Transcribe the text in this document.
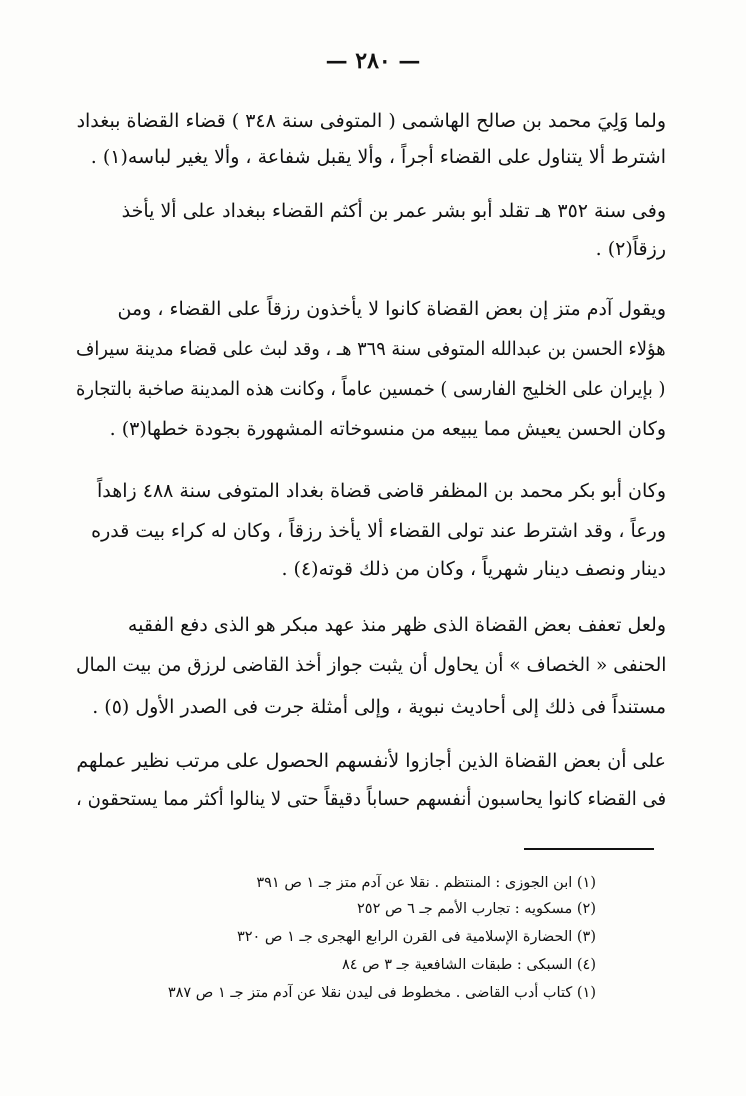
— ٢٨٠ —
ولما وَلِيَ محمد بن صالح الهاشمى ( المتوفى سنة ٣٤٨ ) قضاء القضاة ببغداد
اشترط ألا يتناول على القضاء أجراً ، وألا يقبل شفاعة ، وألا يغير لباسه(١) .
وفى سنة ٣٥٢ هـ تقلد أبو بشر عمر بن أكثم القضاء ببغداد على ألا يأخذ
رزقاً(٢) .
ويقول آدم متز إن بعض القضاة كانوا لا يأخذون رزقاً على القضاء ، ومن
هؤلاء الحسن بن عبدالله المتوفى سنة ٣٦٩ هـ ، وقد لبث على قضاء مدينة سيراف
( بإيران على الخليج الفارسى ) خمسين عاماً ، وكانت هذه المدينة صاخبة بالتجارة
وكان الحسن يعيش مما يبيعه من منسوخاته المشهورة بجودة خطها(٣) .
وكان أبو بكر محمد بن المظفر قاضى قضاة بغداد المتوفى سنة ٤٨٨ زاهداً
ورعاً ، وقد اشترط عند تولى القضاء ألا يأخذ رزقاً ، وكان له كراء بيت قدره
دينار ونصف دينار شهرياً ، وكان من ذلك قوته(٤) .
ولعل تعفف بعض القضاة الذى ظهر منذ عهد مبكر هو الذى دفع الفقيه
الحنفى « الخصاف » أن يحاول أن يثبت جواز أخذ القاضى لرزق من بيت المال
مستنداً فى ذلك إلى أحاديث نبوية ، وإلى أمثلة جرت فى الصدر الأول (٥) .
على أن بعض القضاة الذين أجازوا لأنفسهم الحصول على مرتب نظير عملهم
فى القضاء كانوا يحاسبون أنفسهم حساباً دقيقاً حتى لا ينالوا أكثر مما يستحقون ،
(١) ابن الجوزى : المنتظم . نقلا عن آدم متز جـ ١ ص ٣٩١
(٢) مسكويه : تجارب الأمم جـ ٦ ص ٢٥٢
(٣) الحضارة الإسلامية فى القرن الرابع الهجرى جـ ١ ص ٣٢٠
(٤) السبكى : طبقات الشافعية جـ ٣ ص ٨٤
(١) كتاب أدب القاضى . مخطوط فى ليدن نقلا عن آدم متز جـ ١ ص ٣٨٧
